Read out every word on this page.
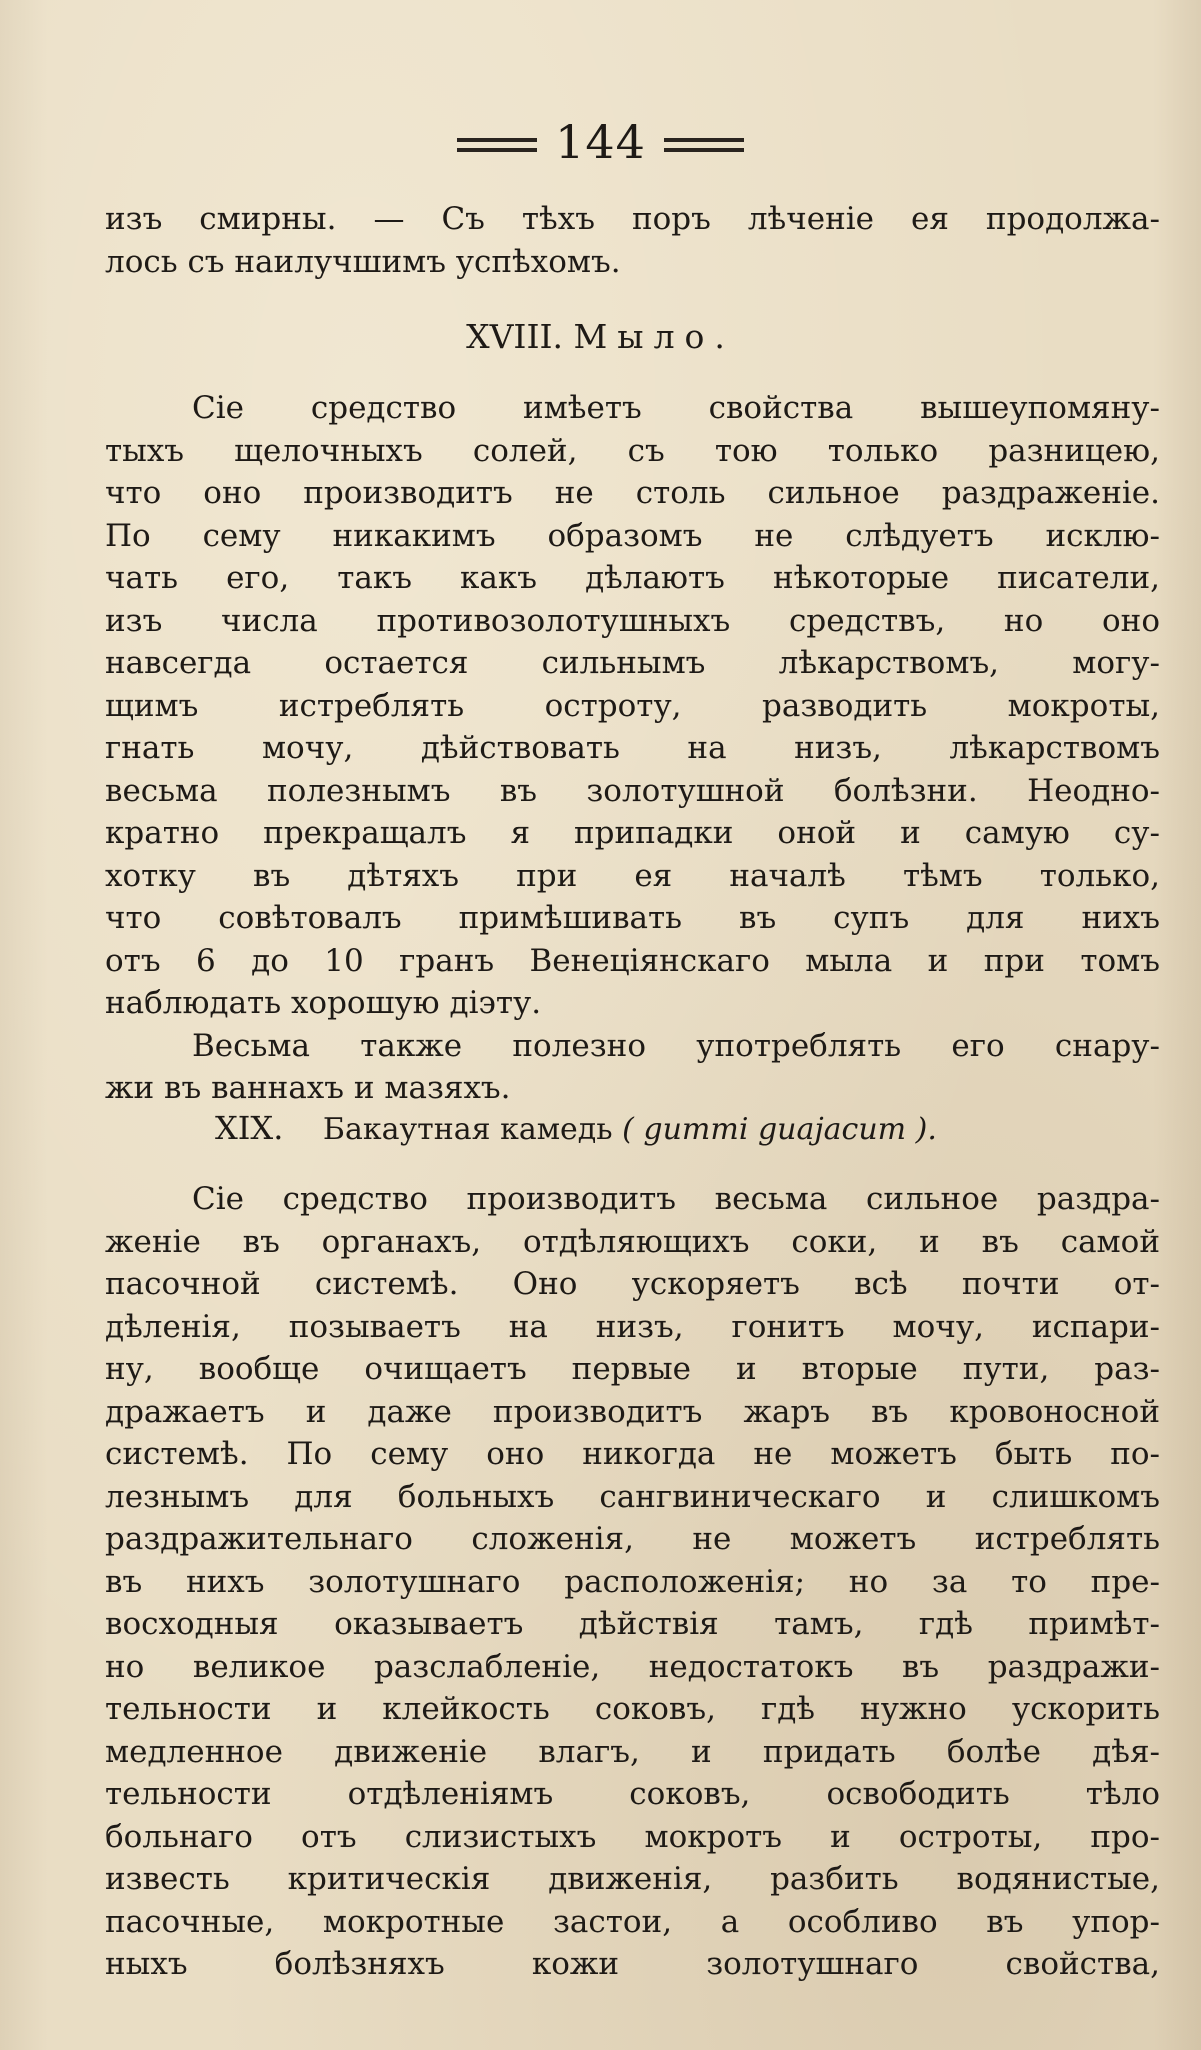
144
изъ смирны. — Съ тѣхъ поръ лѣченіе ея продолжа-
лось съ наилучшимъ успѣхомъ.
XVIII. Мыло.
Сіе средство имѣетъ свойства вышеупомяну-
тыхъ щелочныхъ солей, съ тою только разницею,
что оно производитъ не столь сильное раздраженіе.
По сему никакимъ образомъ не слѣдуетъ исклю-
чать его, такъ какъ дѣлаютъ нѣкоторые писатели,
изъ числа противозолотушныхъ средствъ, но оно
навсегда остается сильнымъ лѣкарствомъ, могу-
щимъ истреблять остроту, разводить мокроты,
гнать мочу, дѣйствовать на низъ, лѣкарствомъ
весьма полезнымъ въ золотушной болѣзни. Неодно-
кратно прекращалъ я припадки оной и самую су-
хотку въ дѣтяхъ при ея началѣ тѣмъ только,
что совѣтовалъ примѣшивать въ супъ для нихъ
отъ 6 до 10 гранъ Венеціянскаго мыла и при томъ
наблюдать хорошую діэту.
Весьма также полезно употреблять его снару-
жи въ ваннахъ и мазяхъ.
XIX. Бакаутная камедь ( gummi guajacum ).
Сіе средство производитъ весьма сильное раздра-
женіе въ органахъ, отдѣляющихъ соки, и въ самой
пасочной системѣ. Оно ускоряетъ всѣ почти от-
дѣленія, позываетъ на низъ, гонитъ мочу, испари-
ну, вообще очищаетъ первые и вторые пути, раз-
дражаетъ и даже производитъ жаръ въ кровоносной
системѣ. По сему оно никогда не можетъ быть по-
лезнымъ для больныхъ сангвиническаго и слишкомъ
раздражительнаго сложенія, не можетъ истреблять
въ нихъ золотушнаго расположенія; но за то пре-
восходныя оказываетъ дѣйствія тамъ, гдѣ примѣт-
но великое разслабленіе, недостатокъ въ раздражи-
тельности и клейкость соковъ, гдѣ нужно ускорить
медленное движеніе влагъ, и придать болѣе дѣя-
тельности отдѣленіямъ соковъ, освободить тѣло
больнаго отъ слизистыхъ мокротъ и остроты, про-
известь критическія движенія, разбить водянистые,
пасочные, мокротные застои, а особливо въ упор-
ныхъ болѣзняхъ кожи золотушнаго свойства,
